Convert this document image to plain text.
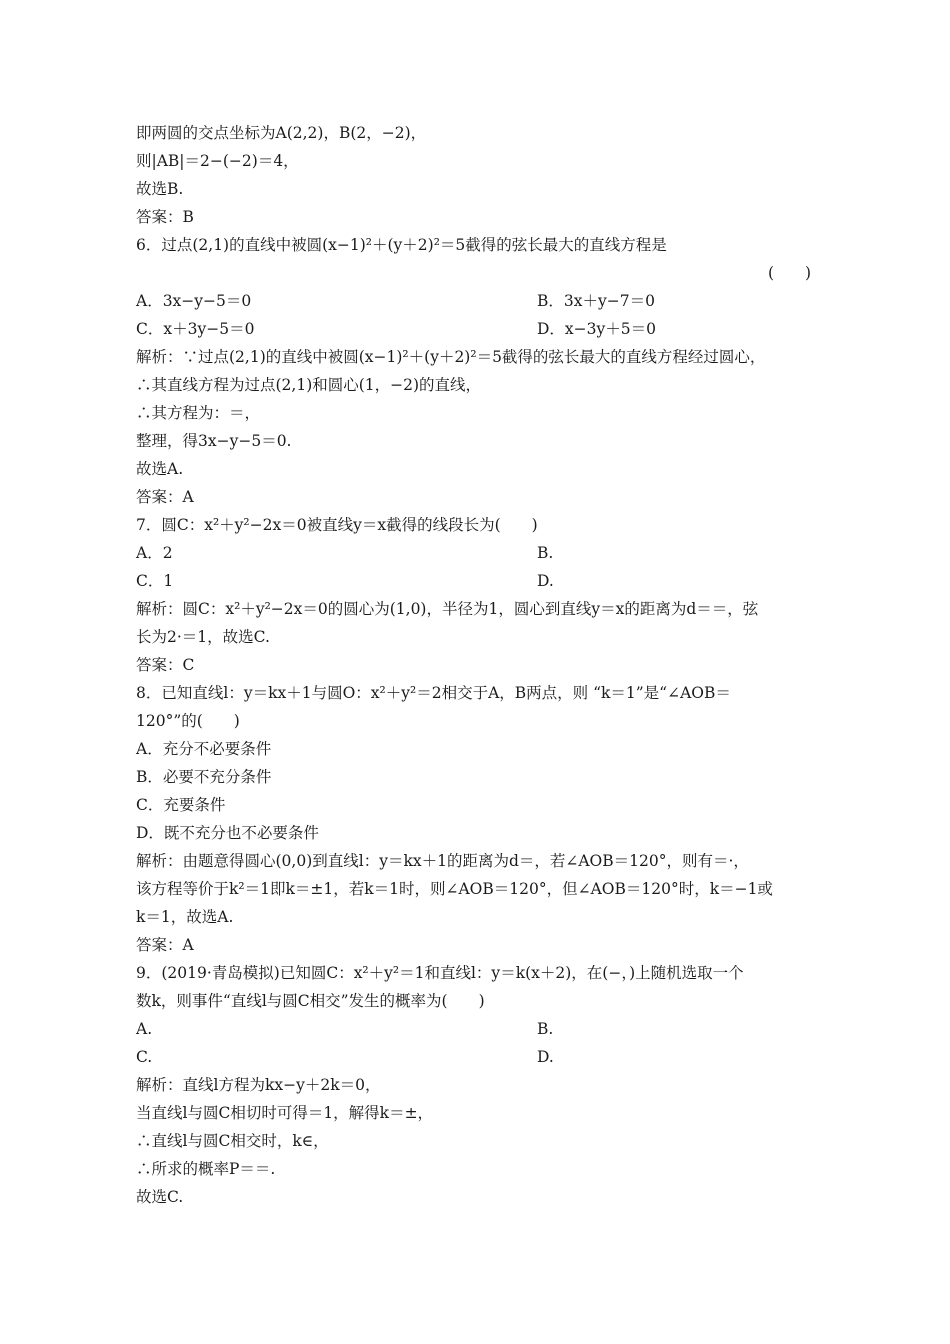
即两圆的交点坐标为A(2,2)，B(2，−2)，
则|AB|＝2−(−2)＝4，
故选B.
答案：B
6．过点(2,1)的直线中被圆(x−1)²＋(y＋2)²＝5截得的弦长最大的直线方程是
(　　)
A．3x−y−5＝0	B．3x＋y−7＝0
C．x＋3y−5＝0	D．x−3y＋5＝0
解析：∵过点(2,1)的直线中被圆(x−1)²＋(y＋2)²＝5截得的弦长最大的直线方程经过圆心，
∴其直线方程为过点(2,1)和圆心(1，−2)的直线，
∴其方程为：＝，
整理，得3x−y−5＝0.
故选A.
答案：A
7．圆C：x²＋y²−2x＝0被直线y＝x截得的线段长为(　　)
A．2	B.
C．1	D.
解析：圆C：x²＋y²−2x＝0的圆心为(1,0)，半径为1，圆心到直线y＝x的距离为d＝＝，弦
长为2·＝1，故选C.
答案：C
8．已知直线l：y＝kx＋1与圆O：x²＋y²＝2相交于A，B两点，则 “k＝1”是“∠AOB＝
120°”的(　　)
A．充分不必要条件
B．必要不充分条件
C．充要条件
D．既不充分也不必要条件
解析：由题意得圆心(0,0)到直线l：y＝kx＋1的距离为d＝，若∠AOB＝120°，则有＝·，
该方程等价于k²＝1即k＝±1，若k＝1时，则∠AOB＝120°，但∠AOB＝120°时，k＝−1或
k＝1，故选A.
答案：A
9．(2019·青岛模拟)已知圆C：x²＋y²＝1和直线l：y＝k(x＋2)，在(−，)上随机选取一个
数k，则事件“直线l与圆C相交”发生的概率为(　　)
A.	B.
C.	D.
解析：直线l方程为kx−y＋2k＝0，
当直线l与圆C相切时可得＝1，解得k＝±，
∴直线l与圆C相交时，k∈，
∴所求的概率P＝＝.
故选C.
